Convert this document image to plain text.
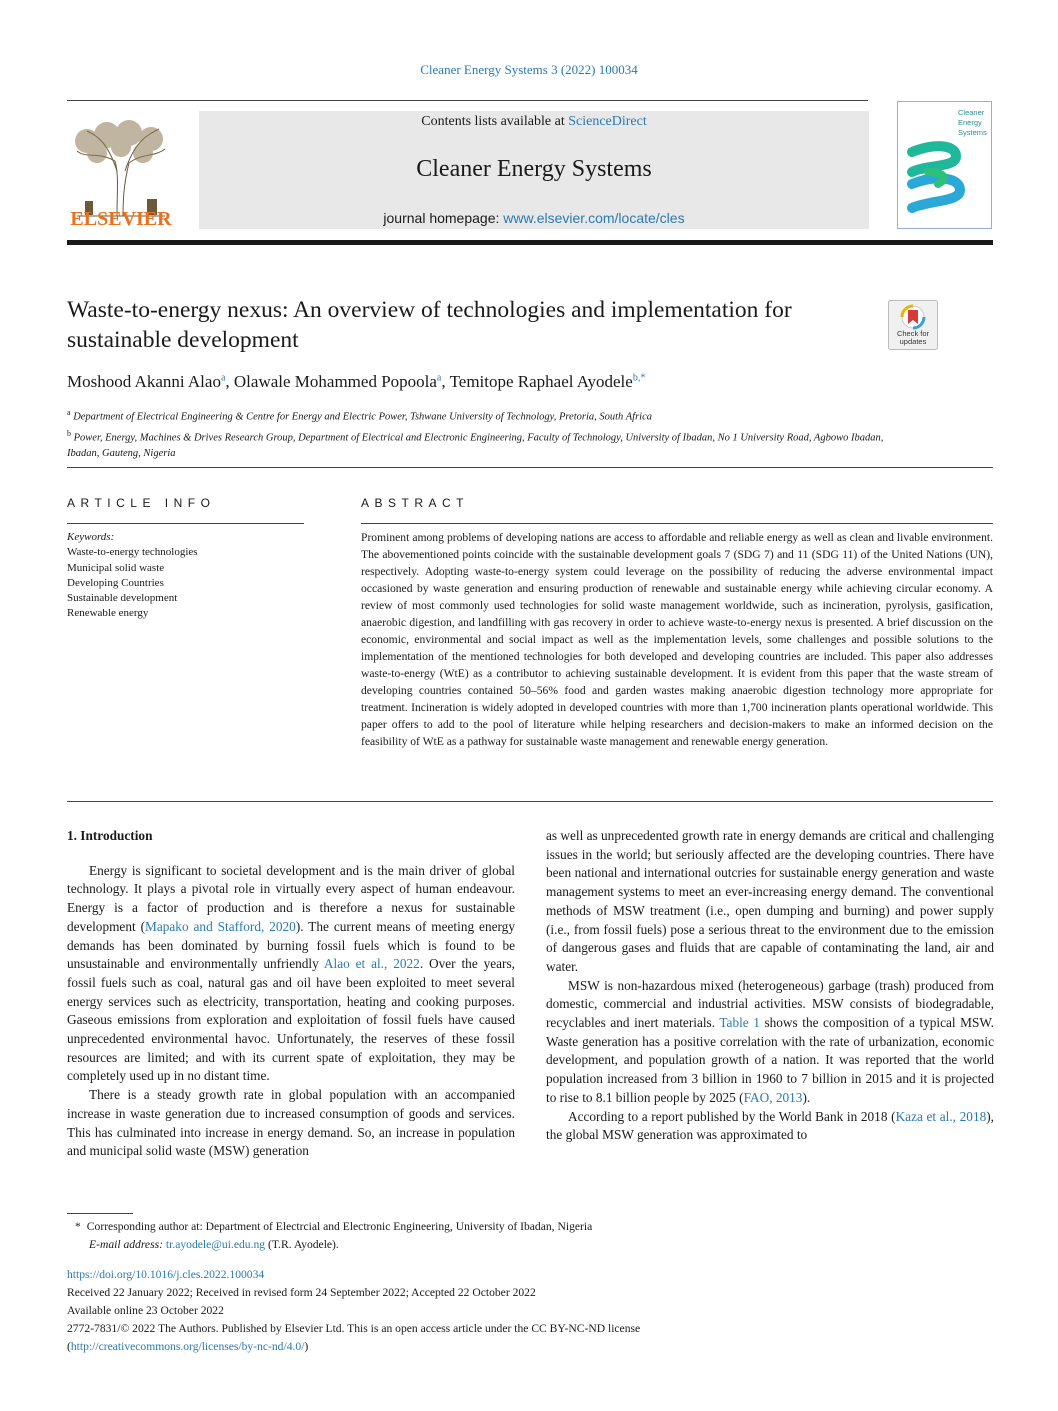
Cleaner Energy Systems 3 (2022) 100034
ELSEVIER
Contents lists available at ScienceDirect
Cleaner Energy Systems
journal homepage: www.elsevier.com/locate/cles
Cleaner Energy Systems
Waste-to-energy nexus: An overview of technologies and implementation for sustainable development	Check for updates
Moshood Akanni Alao$^a$, Olawale Mohammed Popoola$^a$, Temitope Raphael Ayodele$^{b,*}$
$^a$ Department of Electrical Engineering & Centre for Energy and Electric Power, Tshwane University of Technology, Pretoria, South Africa
$^b$ Power, Energy, Machines & Drives Research Group, Department of Electrical and Electronic Engineering, Faculty of Technology, University of Ibadan, No 1 University Road, Agbowo Ibadan, Ibadan, Gauteng, Nigeria
ARTICLE INFO
Keywords:
Waste-to-energy technologies
Municipal solid waste
Developing Countries
Sustainable development
Renewable energy
ABSTRACT
Prominent among problems of developing nations are access to affordable and reliable energy as well as clean and livable environment. The abovementioned points coincide with the sustainable development goals 7 (SDG 7) and 11 (SDG 11) of the United Nations (UN), respectively. Adopting waste-to-energy system could leverage on the possibility of reducing the adverse environmental impact occasioned by waste generation and ensuring production of renewable and sustainable energy while achieving circular economy. A review of most commonly used technologies for solid waste management worldwide, such as incineration, pyrolysis, gasification, anaerobic digestion, and landfilling with gas recovery in order to achieve waste-to-energy nexus is presented. A brief discussion on the economic, environmental and social impact as well as the implementation levels, some challenges and possible solutions to the implementation of the mentioned technologies for both developed and developing countries are included. This paper also addresses waste-to-energy (WtE) as a contributor to achieving sustainable development. It is evident from this paper that the waste stream of developing countries contained 50–56% food and garden wastes making anaerobic digestion technology more appropriate for treatment. Incineration is widely adopted in developed countries with more than 1,700 incineration plants operational worldwide. This paper offers to add to the pool of literature while helping researchers and decision-makers to make an informed decision on the feasibility of WtE as a pathway for sustainable waste management and renewable energy generation.
1. Introduction

Energy is significant to societal development and is the main driver of global technology. It plays a pivotal role in virtually every aspect of human endeavour. Energy is a factor of production and is therefore a nexus for sustainable development (Mapako and Stafford, 2020). The current means of meeting energy demands has been dominated by burning fossil fuels which is found to be unsustainable and environmentally unfriendly Alao et al., 2022. Over the years, fossil fuels such as coal, natural gas and oil have been exploited to meet several energy services such as electricity, transportation, heating and cooking purposes. Gaseous emissions from exploration and exploitation of fossil fuels have caused unprecedented environmental havoc. Unfortunately, the reserves of these fossil resources are limited; and with its current spate of exploitation, they may be completely used up in no distant time.

There is a steady growth rate in global population with an accompanied increase in waste generation due to increased consumption of goods and services. This has culminated into increase in energy demand. So, an increase in population and municipal solid waste (MSW) generation

as well as unprecedented growth rate in energy demands are critical and challenging issues in the world; but seriously affected are the developing countries. There have been national and international outcries for sustainable energy generation and waste management systems to meet an ever-increasing energy demand. The conventional methods of MSW treatment (i.e., open dumping and burning) and power supply (i.e., from fossil fuels) pose a serious threat to the environment due to the emission of dangerous gases and fluids that are capable of contaminating the land, air and water.

MSW is non-hazardous mixed (heterogeneous) garbage (trash) produced from domestic, commercial and industrial activities. MSW consists of biodegradable, recyclables and inert materials. Table 1 shows the composition of a typical MSW. Waste generation has a positive correlation with the rate of urbanization, economic development, and population growth of a nation. It was reported that the world population increased from 3 billion in 1960 to 7 billion in 2015 and it is projected to rise to 8.1 billion people by 2025 (FAO, 2013).

According to a report published by the World Bank in 2018 (Kaza et al., 2018), the global MSW generation was approximated to

* Corresponding author at: Department of Electrcial and Electronic Engineering, University of Ibadan, Nigeria
E-mail address: tr.ayodele@ui.edu.ng (T.R. Ayodele).
https://doi.org/10.1016/j.cles.2022.100034
Received 22 January 2022; Received in revised form 24 September 2022; Accepted 22 October 2022
Available online 23 October 2022
2772-7831/© 2022 The Authors. Published by Elsevier Ltd. This is an open access article under the CC BY-NC-ND license
(http://creativecommons.org/licenses/by-nc-nd/4.0/)
